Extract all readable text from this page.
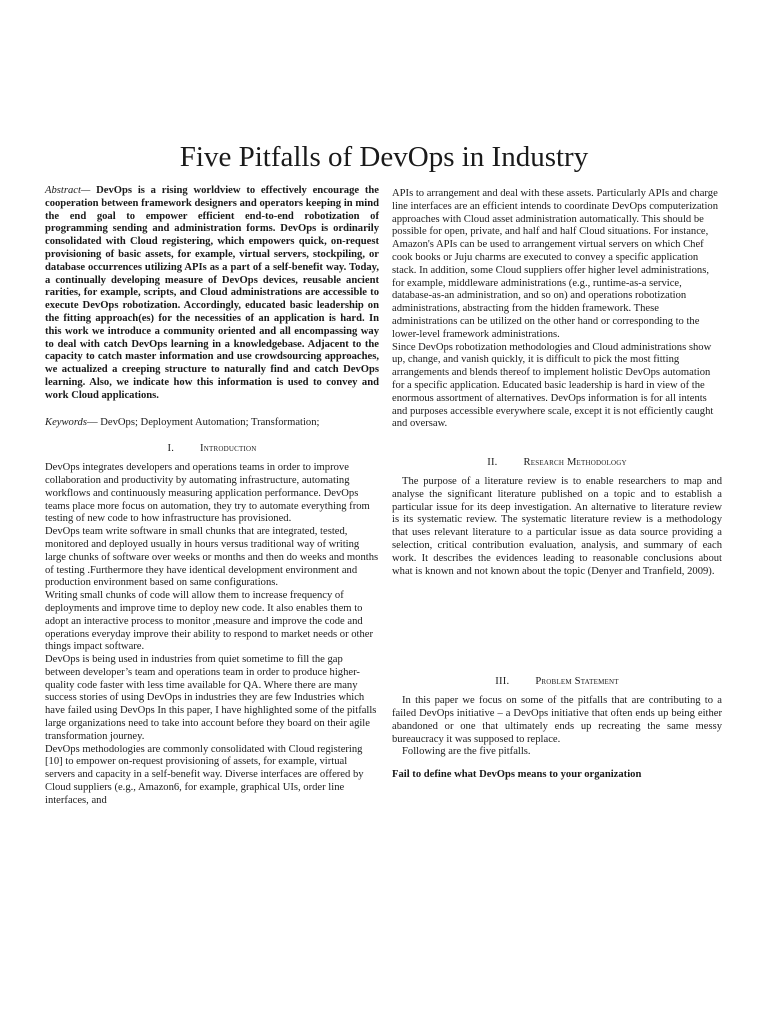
Five Pitfalls of DevOps in Industry

Abstract— DevOps is a rising worldview to effectively encourage the cooperation between framework designers and operators keeping in mind the end goal to empower efficient end-to-end robotization of programming sending and administration forms. DevOps is ordinarily consolidated with Cloud registering, which empowers quick, on-request provisioning of basic assets, for example, virtual servers, stockpiling, or database occurrences utilizing APIs as a part of a self-benefit way. Today, a continually developing measure of DevOps devices, reusable ancient rarities, for example, scripts, and Cloud administrations are accessible to execute DevOps robotization. Accordingly, educated basic leadership on the fitting approach(es) for the necessities of an application is hard. In this work we introduce a community oriented and all encompassing way to deal with catch DevOps learning in a knowledgebase. Adjacent to the capacity to catch master information and use crowdsourcing approaches, we actualized a creeping structure to naturally find and catch DevOps learning. Also, we indicate how this information is used to convey and work Cloud applications.

Keywords— DevOps; Deployment Automation; Transformation;

I. Introduction

DevOps integrates developers and operations teams in order to improve collaboration and productivity by automating infrastructure, automating workflows and continuously measuring application performance. DevOps teams place more focus on automation, they try to automate everything from testing of new code to how infrastructure has provisioned.

DevOps team write software in small chunks that are integrated, tested, monitored and deployed usually in hours versus traditional way of writing large chunks of software over weeks or months and then do weeks and months of testing .Furthermore they have identical development environment and production environment based on same configurations.

Writing small chunks of code will allow them to increase frequency of deployments and improve time to deploy new code. It also enables them to adopt an interactive process to monitor ,measure and improve the code and operations everyday improve their ability to respond to market needs or other things impact software.

DevOps is being used in industries from quiet sometime to fill the gap between developer’s team and operations team in order to produce higher-quality code faster with less time available for QA. Where there are many success stories of using DevOps in industries they are few Industries which have failed using DevOps In this paper, I have highlighted some of the pitfalls large organizations need to take into account before they board on their agile transformation journey.

DevOps methodologies are commonly consolidated with Cloud registering [10] to empower on-request provisioning of assets, for example, virtual servers and capacity in a self-benefit way. Diverse interfaces are offered by Cloud suppliers (e.g., Amazon6, for example, graphical UIs, order line interfaces, and

APIs to arrangement and deal with these assets. Particularly APIs and charge line interfaces are an efficient intends to coordinate DevOps computerization approaches with Cloud asset administration automatically. This should be possible for open, private, and half and half Cloud situations. For instance, Amazon's APIs can be used to arrangement virtual servers on which Chef cook books or Juju charms are executed to convey a specific application stack. In addition, some Cloud suppliers offer higher level administrations, for example, middleware administrations (e.g., runtime-as-a service, database-as-an administration, and so on) and operations robotization administrations, abstracting from the hidden framework. These administrations can be utilized on the other hand or corresponding to the lower-level framework administrations.

Since DevOps robotization methodologies and Cloud administrations show up, change, and vanish quickly, it is difficult to pick the most fitting arrangements and blends thereof to implement holistic DevOps automation for a specific application. Educated basic leadership is hard in view of the enormous assortment of alternatives. DevOps information is for all intents and purposes accessible everywhere scale, except it is not efficiently caught and oversaw.

II. Research Methodology

The purpose of a literature review is to enable researchers to map and analyse the significant literature published on a topic and to establish a particular issue for its deep investigation. An alternative to literature review is its systematic review. The systematic literature review is a methodology that uses relevant literature to a particular issue as data source providing a selection, critical contribution evaluation, analysis, and summary of each work. It describes the evidences leading to reasonable conclusions about what is known and not known about the topic (Denyer and Tranfield, 2009).

III. Problem Statement

In this paper we focus on some of the pitfalls that are contributing to a failed DevOps initiative – a DevOps initiative that often ends up being either abandoned or one that ultimately ends up recreating the same messy bureaucracy it was supposed to replace.

Following are the five pitfalls.

Fail to define what DevOps means to your organization
